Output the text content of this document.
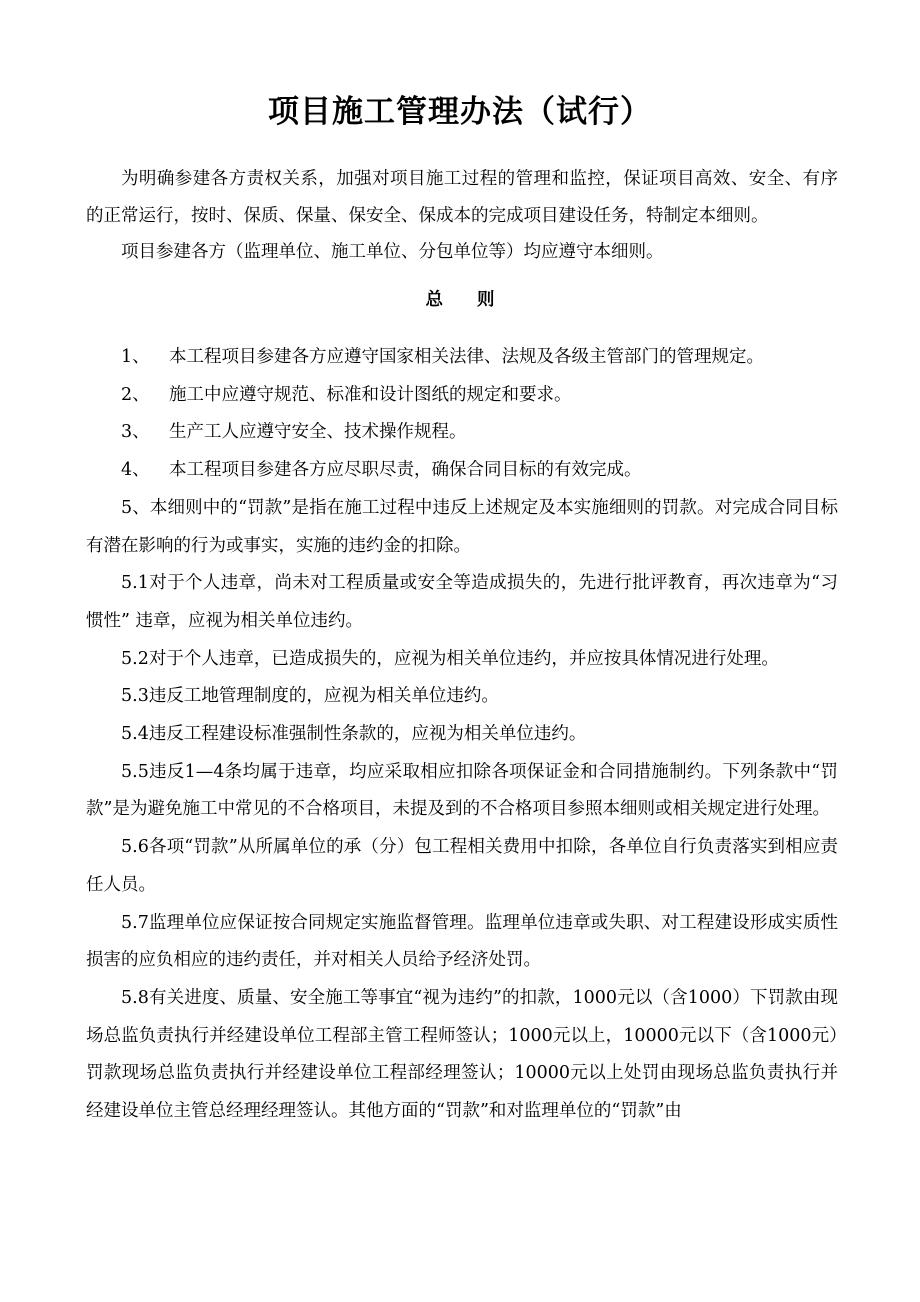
项目施工管理办法（试行）

为明确参建各方责权关系，加强对项目施工过程的管理和监控，保证项目高效、安全、有序的正常运行，按时、保质、保量、保安全、保成本的完成项目建设任务，特制定本细则。

项目参建各方（监理单位、施工单位、分包单位等）均应遵守本细则。

总则

1、 本工程项目参建各方应遵守国家相关法律、法规及各级主管部门的管理规定。

2、 施工中应遵守规范、标准和设计图纸的规定和要求。

3、 生产工人应遵守安全、技术操作规程。

4、 本工程项目参建各方应尽职尽责，确保合同目标的有效完成。

5、本细则中的“罚款”是指在施工过程中违反上述规定及本实施细则的罚款。对完成合同目标有潜在影响的行为或事实，实施的违约金的扣除。

5.1对于个人违章，尚未对工程质量或安全等造成损失的，先进行批评教育，再次违章为“习惯性” 违章，应视为相关单位违约。

5.2对于个人违章，已造成损失的，应视为相关单位违约，并应按具体情况进行处理。

5.3违反工地管理制度的，应视为相关单位违约。

5.4违反工程建设标准强制性条款的，应视为相关单位违约。

5.5违反1—4条均属于违章，均应采取相应扣除各项保证金和合同措施制约。下列条款中“罚款”是为避免施工中常见的不合格项目，未提及到的不合格项目参照本细则或相关规定进行处理。

5.6各项“罚款”从所属单位的承（分）包工程相关费用中扣除，各单位自行负责落实到相应责任人员。

5.7监理单位应保证按合同规定实施监督管理。监理单位违章或失职、对工程建设形成实质性损害的应负相应的违约责任，并对相关人员给予经济处罚。

5.8有关进度、质量、安全施工等事宜“视为违约”的扣款，1000元以（含1000）下罚款由现场总监负责执行并经建设单位工程部主管工程师签认；1000元以上，10000元以下（含1000元）罚款现场总监负责执行并经建设单位工程部经理签认；10000元以上处罚由现场总监负责执行并经建设单位主管总经理经理签认。其他方面的“罚款”和对监理单位的“罚款”由
